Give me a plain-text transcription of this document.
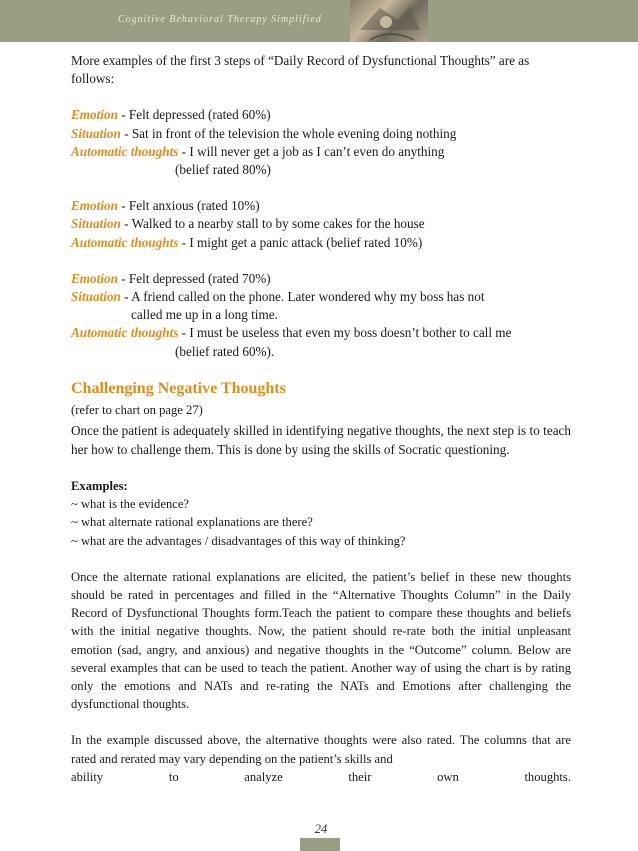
Cognitive Behavioral Therapy Simplified

More examples of the first 3 steps of “Daily Record of Dysfunctional Thoughts” are as follows:

Emotion - Felt depressed (rated 60%)

Situation - Sat in front of the television the whole evening doing nothing

Automatic thoughts - I will never get a job as I can’t even do anything

(belief rated 80%)

Emotion - Felt anxious (rated 10%)

Situation - Walked to a nearby stall to by some cakes for the house

Automatic thoughts - I might get a panic attack (belief rated 10%)

Emotion - Felt depressed (rated 70%)

Situation - A friend called on the phone. Later wondered why my boss has not

called me up in a long time.

Automatic thoughts - I must be useless that even my boss doesn’t bother to call me

(belief rated 60%).

Challenging Negative Thoughts

(refer to chart on page 27)

Once the patient is adequately skilled in identifying negative thoughts, the next step is to teach her how to challenge them. This is done by using the skills of Socratic questioning.

Examples:

~ what is the evidence?

~ what alternate rational explanations are there?

~ what are the advantages / disadvantages of this way of thinking?

Once the alternate rational explanations are elicited, the patient’s belief in these new thoughts should be rated in percentages and filled in the “Alternative Thoughts Column” in the Daily Record of Dysfunctional Thoughts form.Teach the patient to compare these thoughts and beliefs with the initial negative thoughts. Now, the patient should re-rate both the initial unpleasant emotion (sad, angry, and anxious) and negative thoughts in the “Outcome” column. Below are several examples that can be used to teach the patient. Another way of using the chart is by rating only the emotions and NATs and re-rating the NATs and Emotions after challenging the dysfunctional thoughts.

In the example discussed above, the alternative thoughts were also rated. The columns that are rated and rerated may vary depending on the patient’s skills and

ability	to	analyze	their	own	thoughts.

24
